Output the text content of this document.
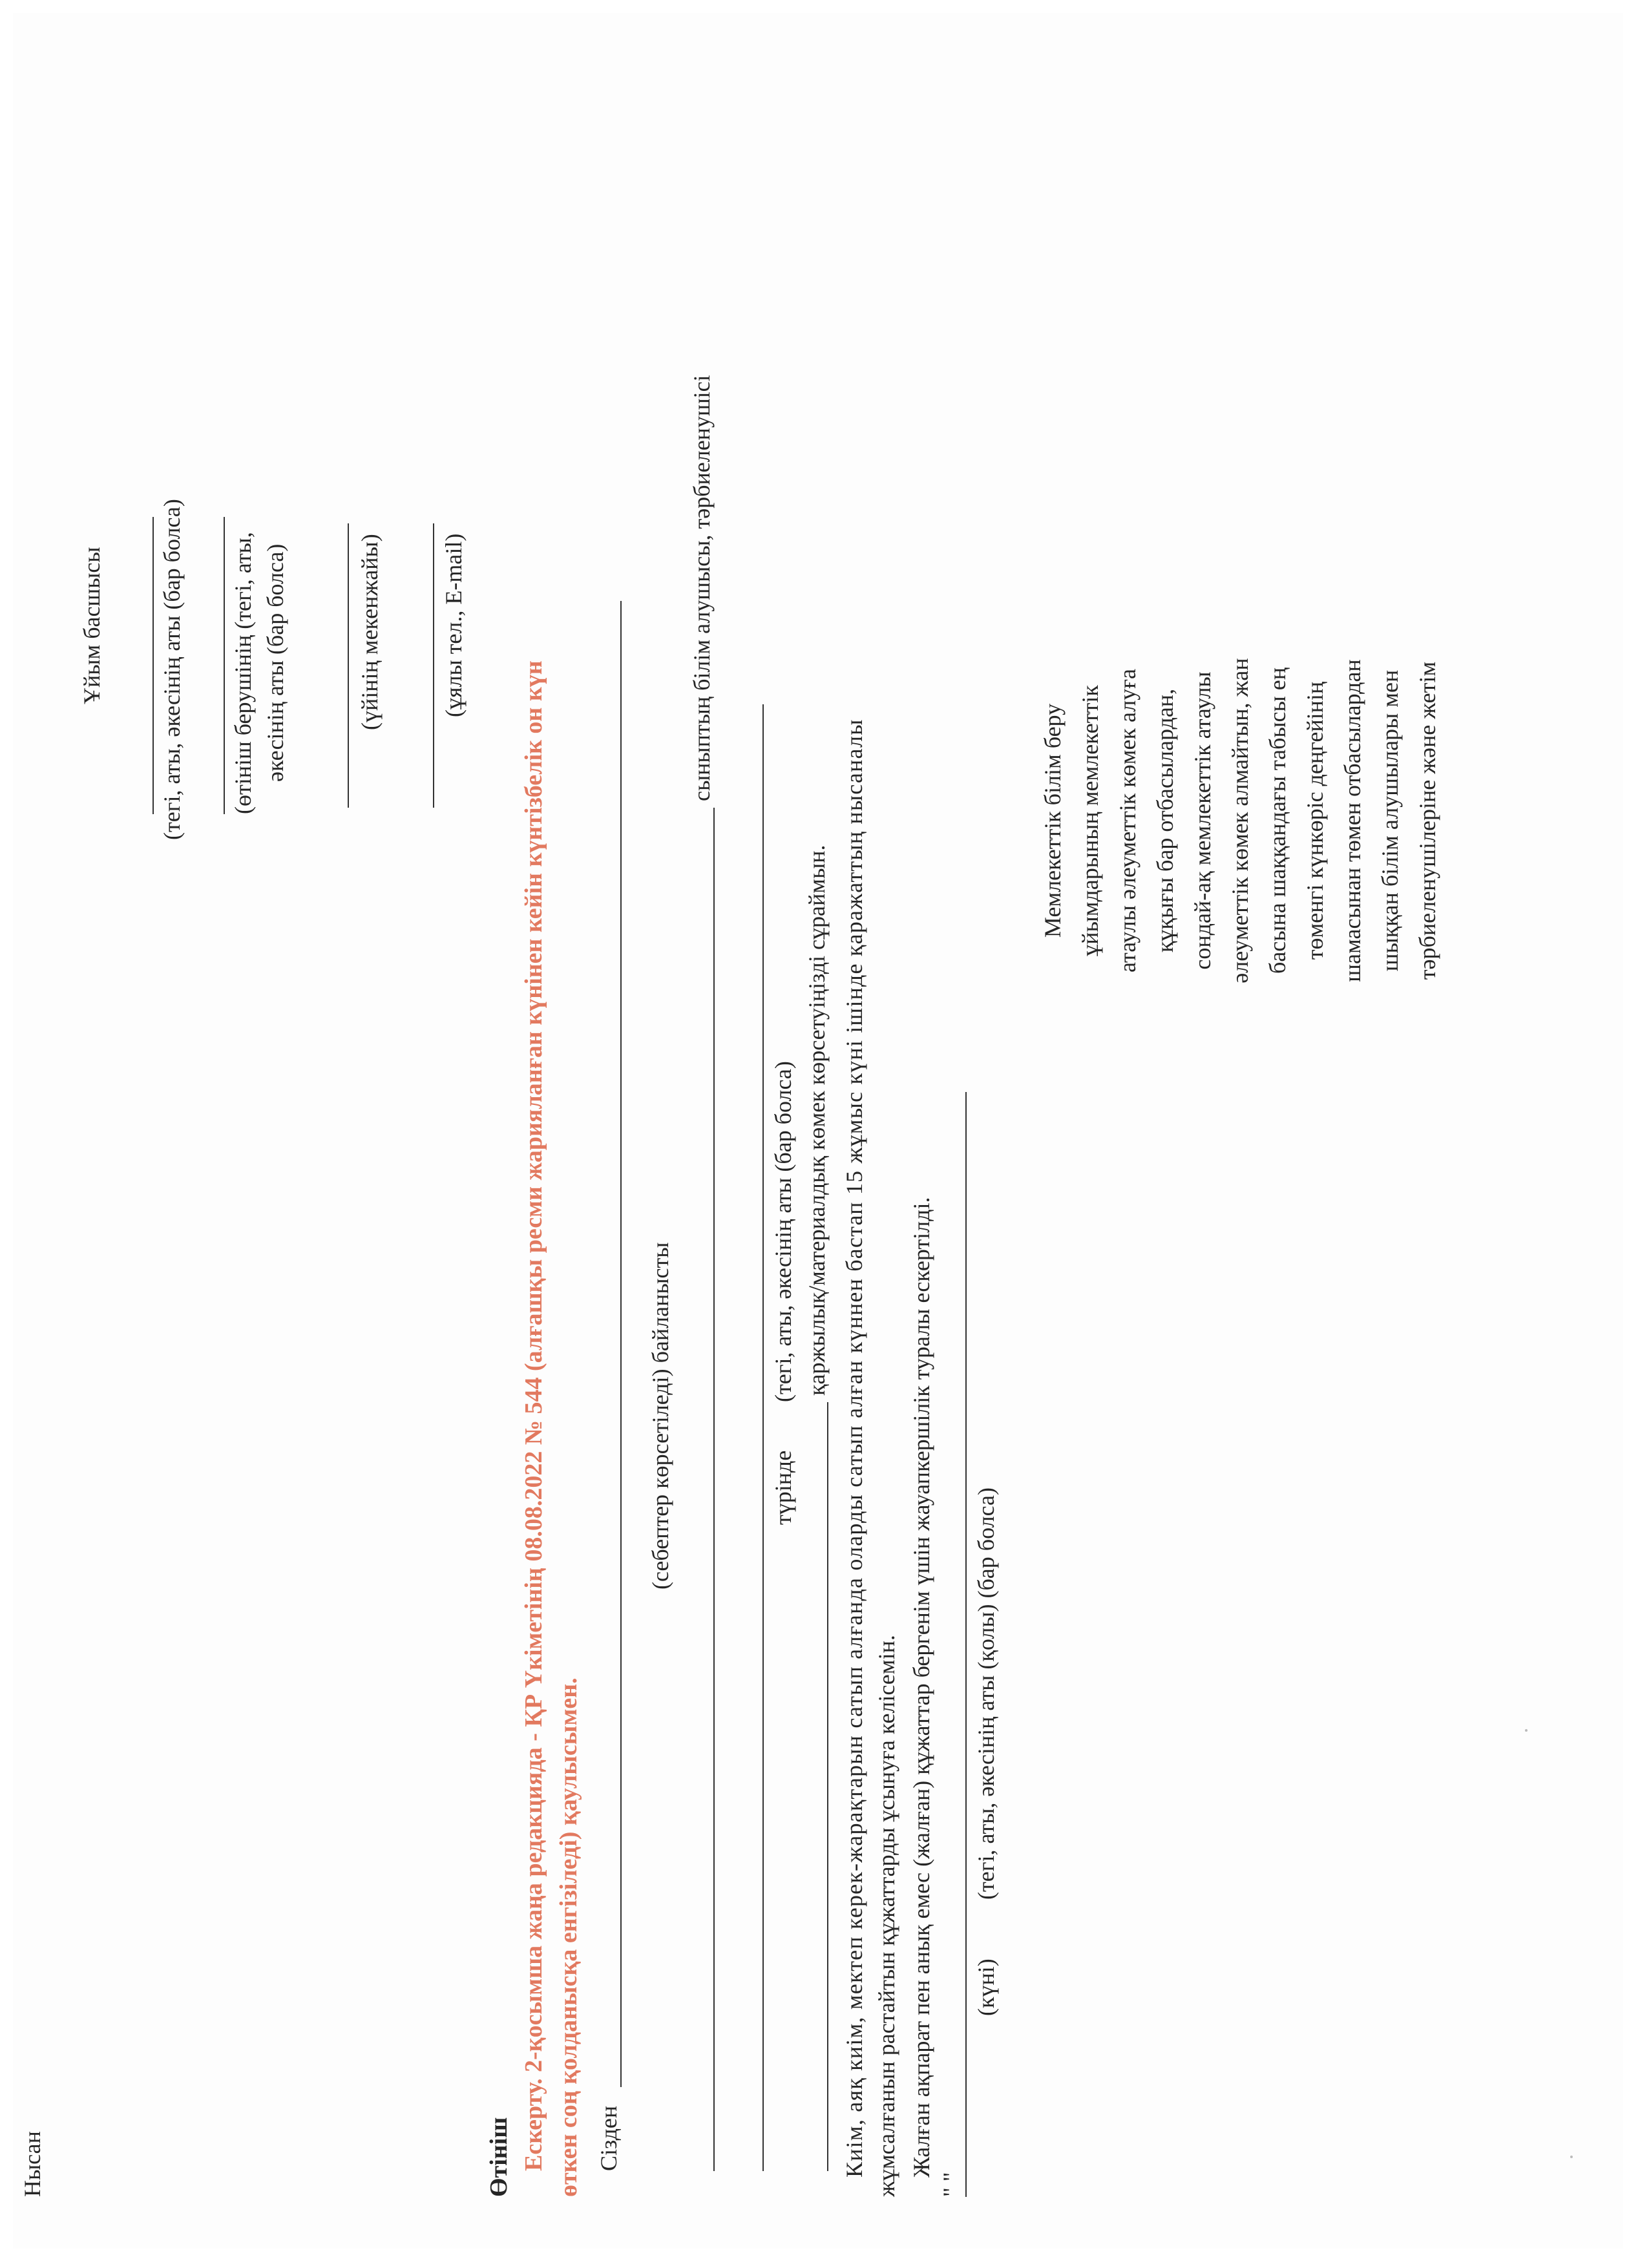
Нысан
Ұйым басшысы (тегі, аты, әкесінің аты (бар болса) (өтініш берушінің (тегі, аты, әкесінің аты (бар болса)	(үйінің мекенжайы)	(ұялы тел., E-mail)
Өтініш Ескерту. 2-қосымша жаңа редакцияда - ҚР Үкіметінің 08.08.2022 № 544 (алғашқы ресми жарияланған күнінен кейін күнтізбелік он күн өткен соң қолданысқа енгізіледі) қаулысымен. Сізден
(себептер көрсетіледі) байланысты
сыныптың білім алушысы, тәрбиеленушісі
түрінде
(тегі, аты, әкесінің аты (бар болса) қаржылық/материалдық көмек көрсетуіңізді сұраймын. Киім, аяқ киім, мектеп керек-жарақтарын сатып алғанда оларды сатып алған күннен бастап 15 жұмыс күні ішінде қаражаттың нысаналы жұмсалғанын растайтын құжаттарды ұсынуға келісемін. Жалған ақпарат пен анық емес (жалған) құжаттар бергенім үшін жауапкершілік туралы ескертілді.
" "
(күні)
(тегі, аты, әкесінің аты (қолы) (бар болса)
Мемлекеттік білім беру ұйымдарының мемлекеттік атаулы әлеуметтік көмек алуға құқығы бар отбасылардан, сондай-ақ мемлекеттік атаулы әлеуметтік көмек алмайтын, жан басына шаққандағы табысы ең төменгі күнкөріс деңгейінің шамасынан төмен отбасылардан шыққан білім алушылары мен тәрбиеленушілеріне және жетім
